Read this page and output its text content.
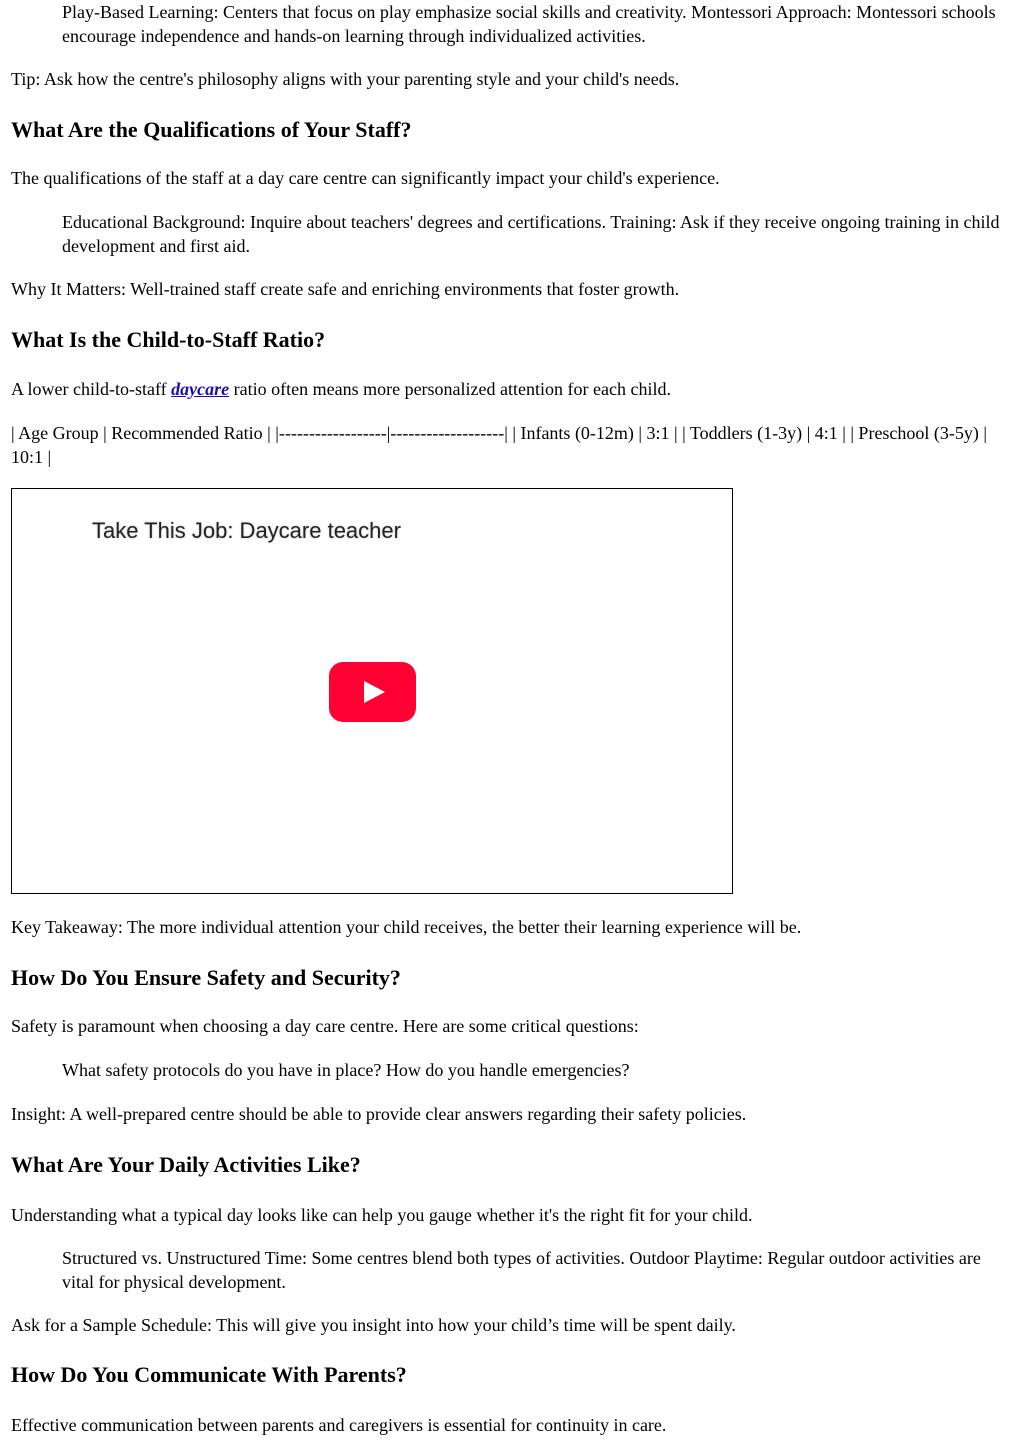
Play-Based Learning: Centers that focus on play emphasize social skills and creativity. Montessori Approach: Montessori schools encourage independence and hands-on learning through individualized activities.

Tip: Ask how the centre's philosophy aligns with your parenting style and your child's needs.

What Are the Qualifications of Your Staff?

The qualifications of the staff at a day care centre can significantly impact your child's experience.

Educational Background: Inquire about teachers' degrees and certifications. Training: Ask if they receive ongoing training in child development and first aid.

Why It Matters: Well-trained staff create safe and enriching environments that foster growth.

What Is the Child-to-Staff Ratio?

A lower child-to-staff daycare ratio often means more personalized attention for each child.

| Age Group | Recommended Ratio | |------------------|-------------------| | Infants (0-12m) | 3:1 | | Toddlers (1-3y) | 4:1 | | Preschool (3-5y) | 10:1 |

Take This Job: Daycare teacher

Key Takeaway: The more individual attention your child receives, the better their learning experience will be.

How Do You Ensure Safety and Security?

Safety is paramount when choosing a day care centre. Here are some critical questions:

What safety protocols do you have in place? How do you handle emergencies?

Insight: A well-prepared centre should be able to provide clear answers regarding their safety policies.

What Are Your Daily Activities Like?

Understanding what a typical day looks like can help you gauge whether it's the right fit for your child.

Structured vs. Unstructured Time: Some centres blend both types of activities. Outdoor Playtime: Regular outdoor activities are vital for physical development.

Ask for a Sample Schedule: This will give you insight into how your child’s time will be spent daily.

How Do You Communicate With Parents?

Effective communication between parents and caregivers is essential for continuity in care.
